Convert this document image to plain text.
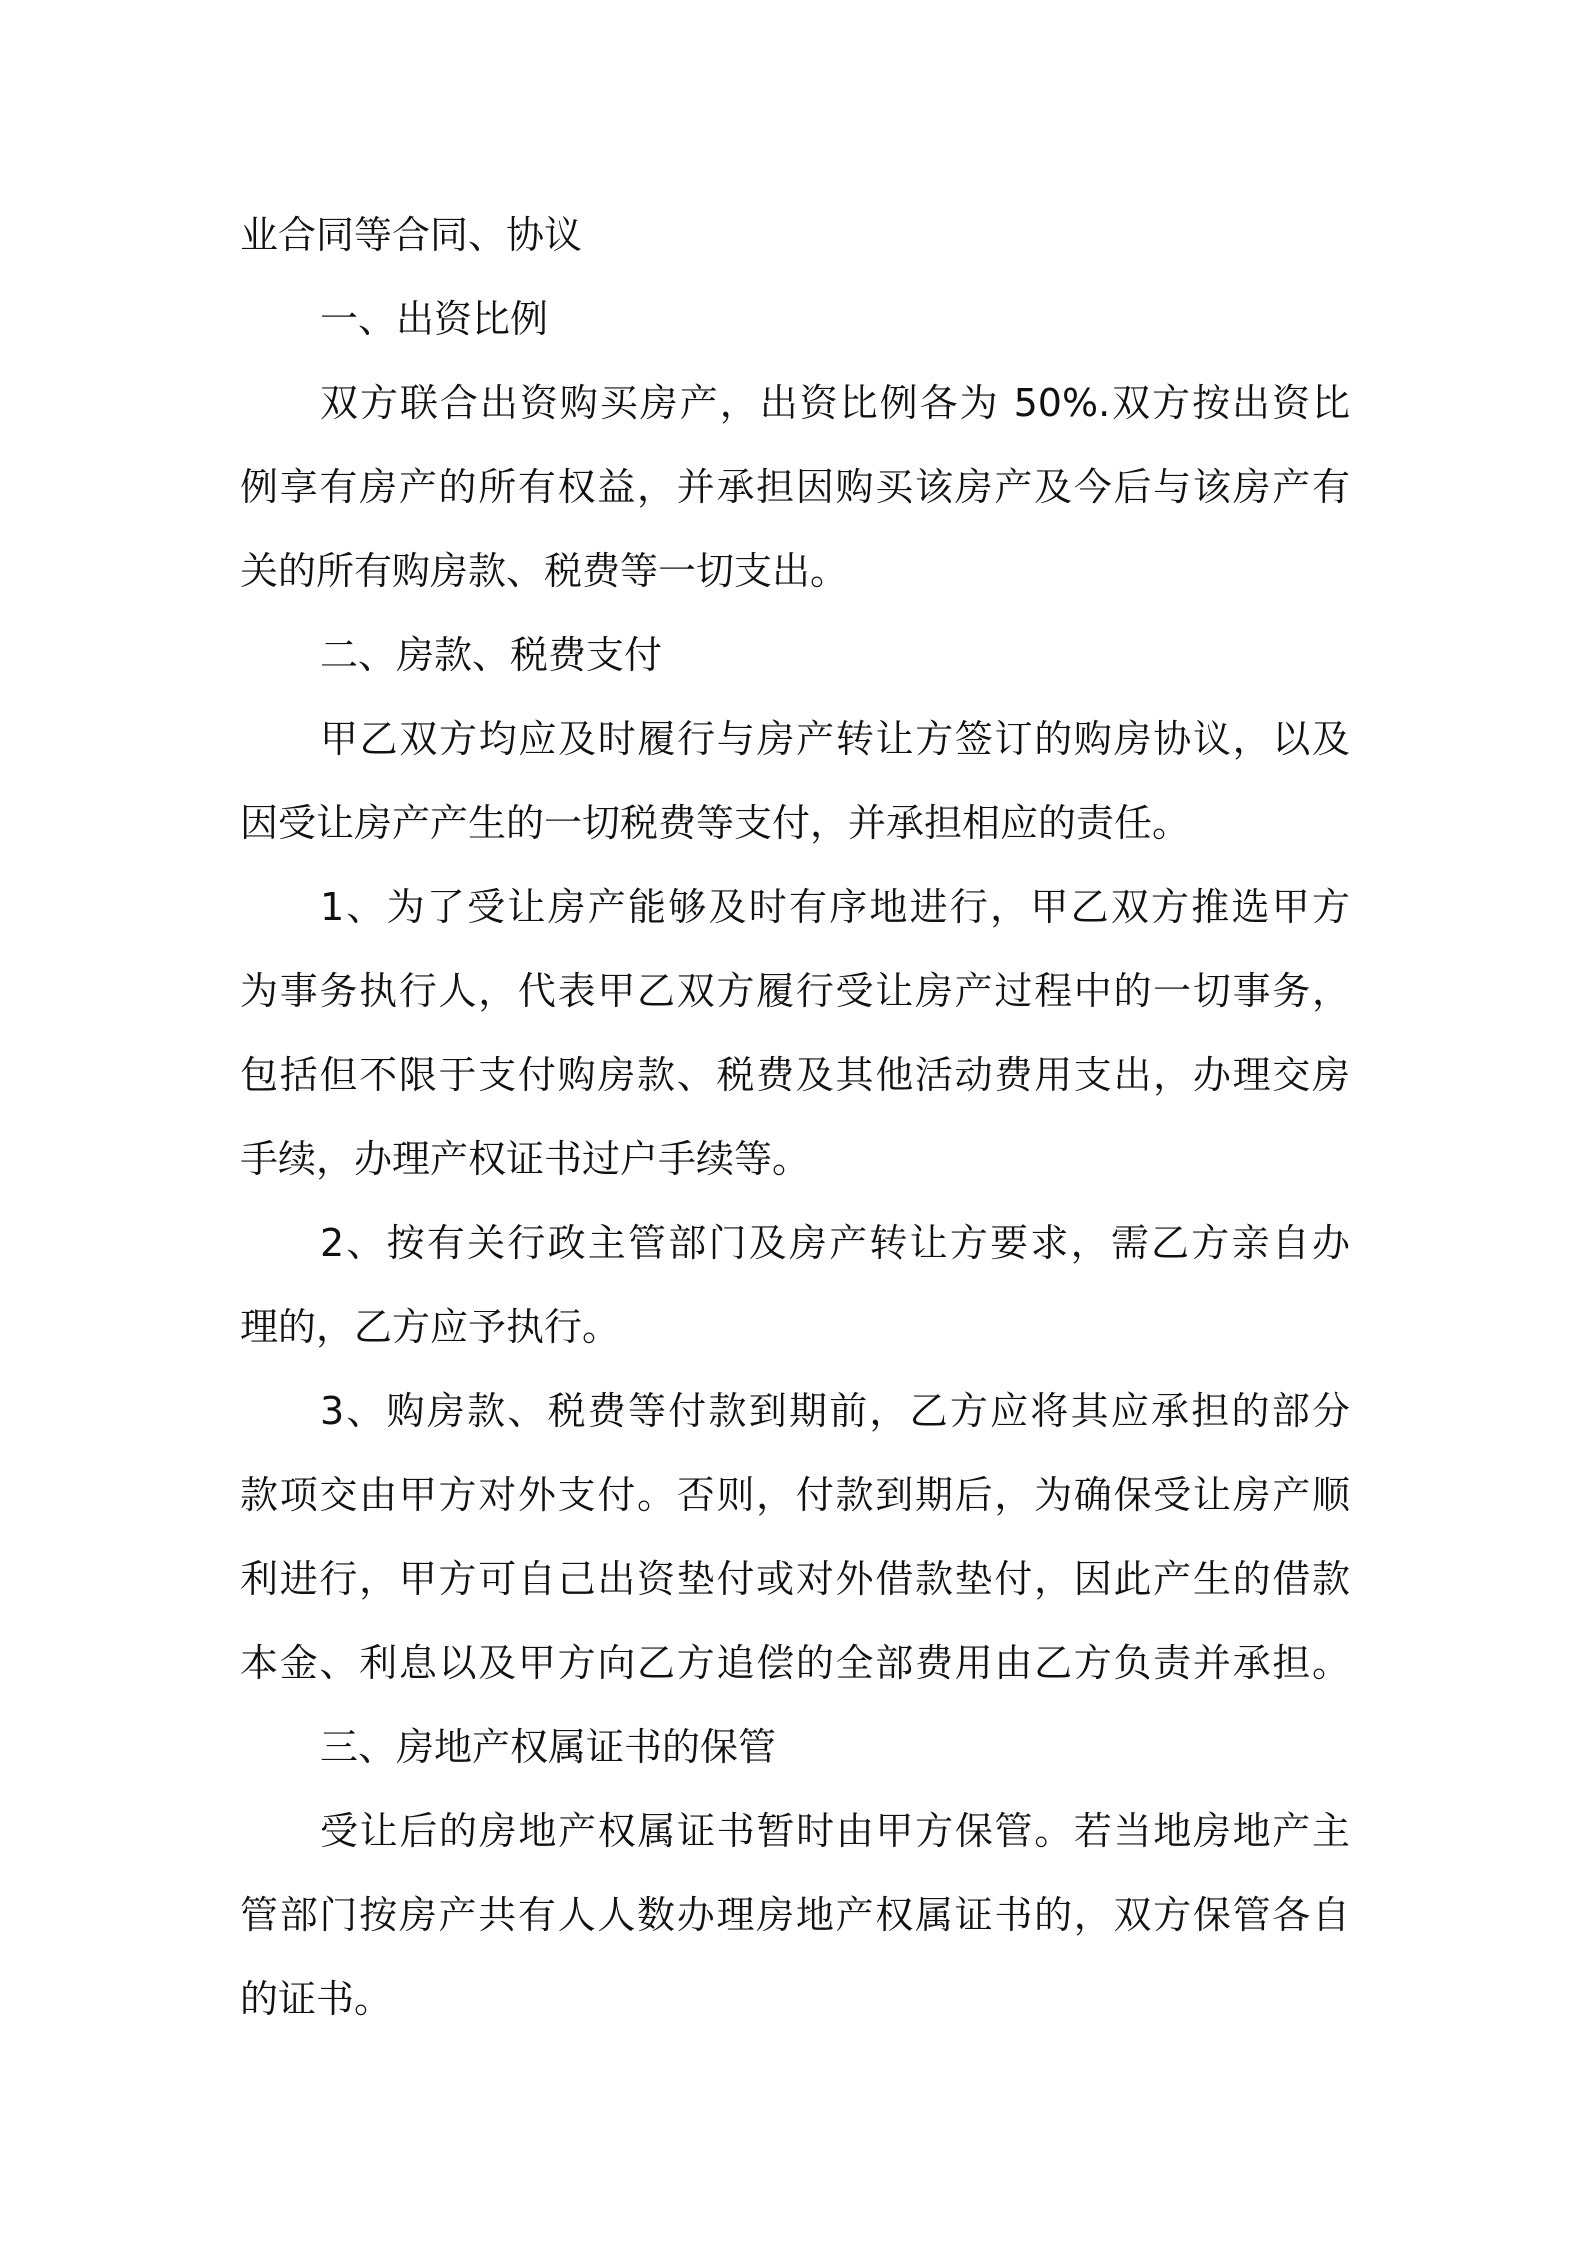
业合同等合同、协议
一、出资比例
双方联合出资购买房产，出资比例各为 50%.双方按出资比
例享有房产的所有权益，并承担因购买该房产及今后与该房产有
关的所有购房款、税费等一切支出。
二、房款、税费支付
甲乙双方均应及时履行与房产转让方签订的购房协议，以及
因受让房产产生的一切税费等支付，并承担相应的责任。
1、为了受让房产能够及时有序地进行，甲乙双方推选甲方
为事务执行人，代表甲乙双方履行受让房产过程中的一切事务，
包括但不限于支付购房款、税费及其他活动费用支出，办理交房
手续，办理产权证书过户手续等。
2、按有关行政主管部门及房产转让方要求，需乙方亲自办
理的，乙方应予执行。
3、购房款、税费等付款到期前，乙方应将其应承担的部分
款项交由甲方对外支付。否则，付款到期后，为确保受让房产顺
利进行，甲方可自己出资垫付或对外借款垫付，因此产生的借款
本金、利息以及甲方向乙方追偿的全部费用由乙方负责并承担。
三、房地产权属证书的保管
受让后的房地产权属证书暂时由甲方保管。若当地房地产主
管部门按房产共有人人数办理房地产权属证书的，双方保管各自
的证书。
